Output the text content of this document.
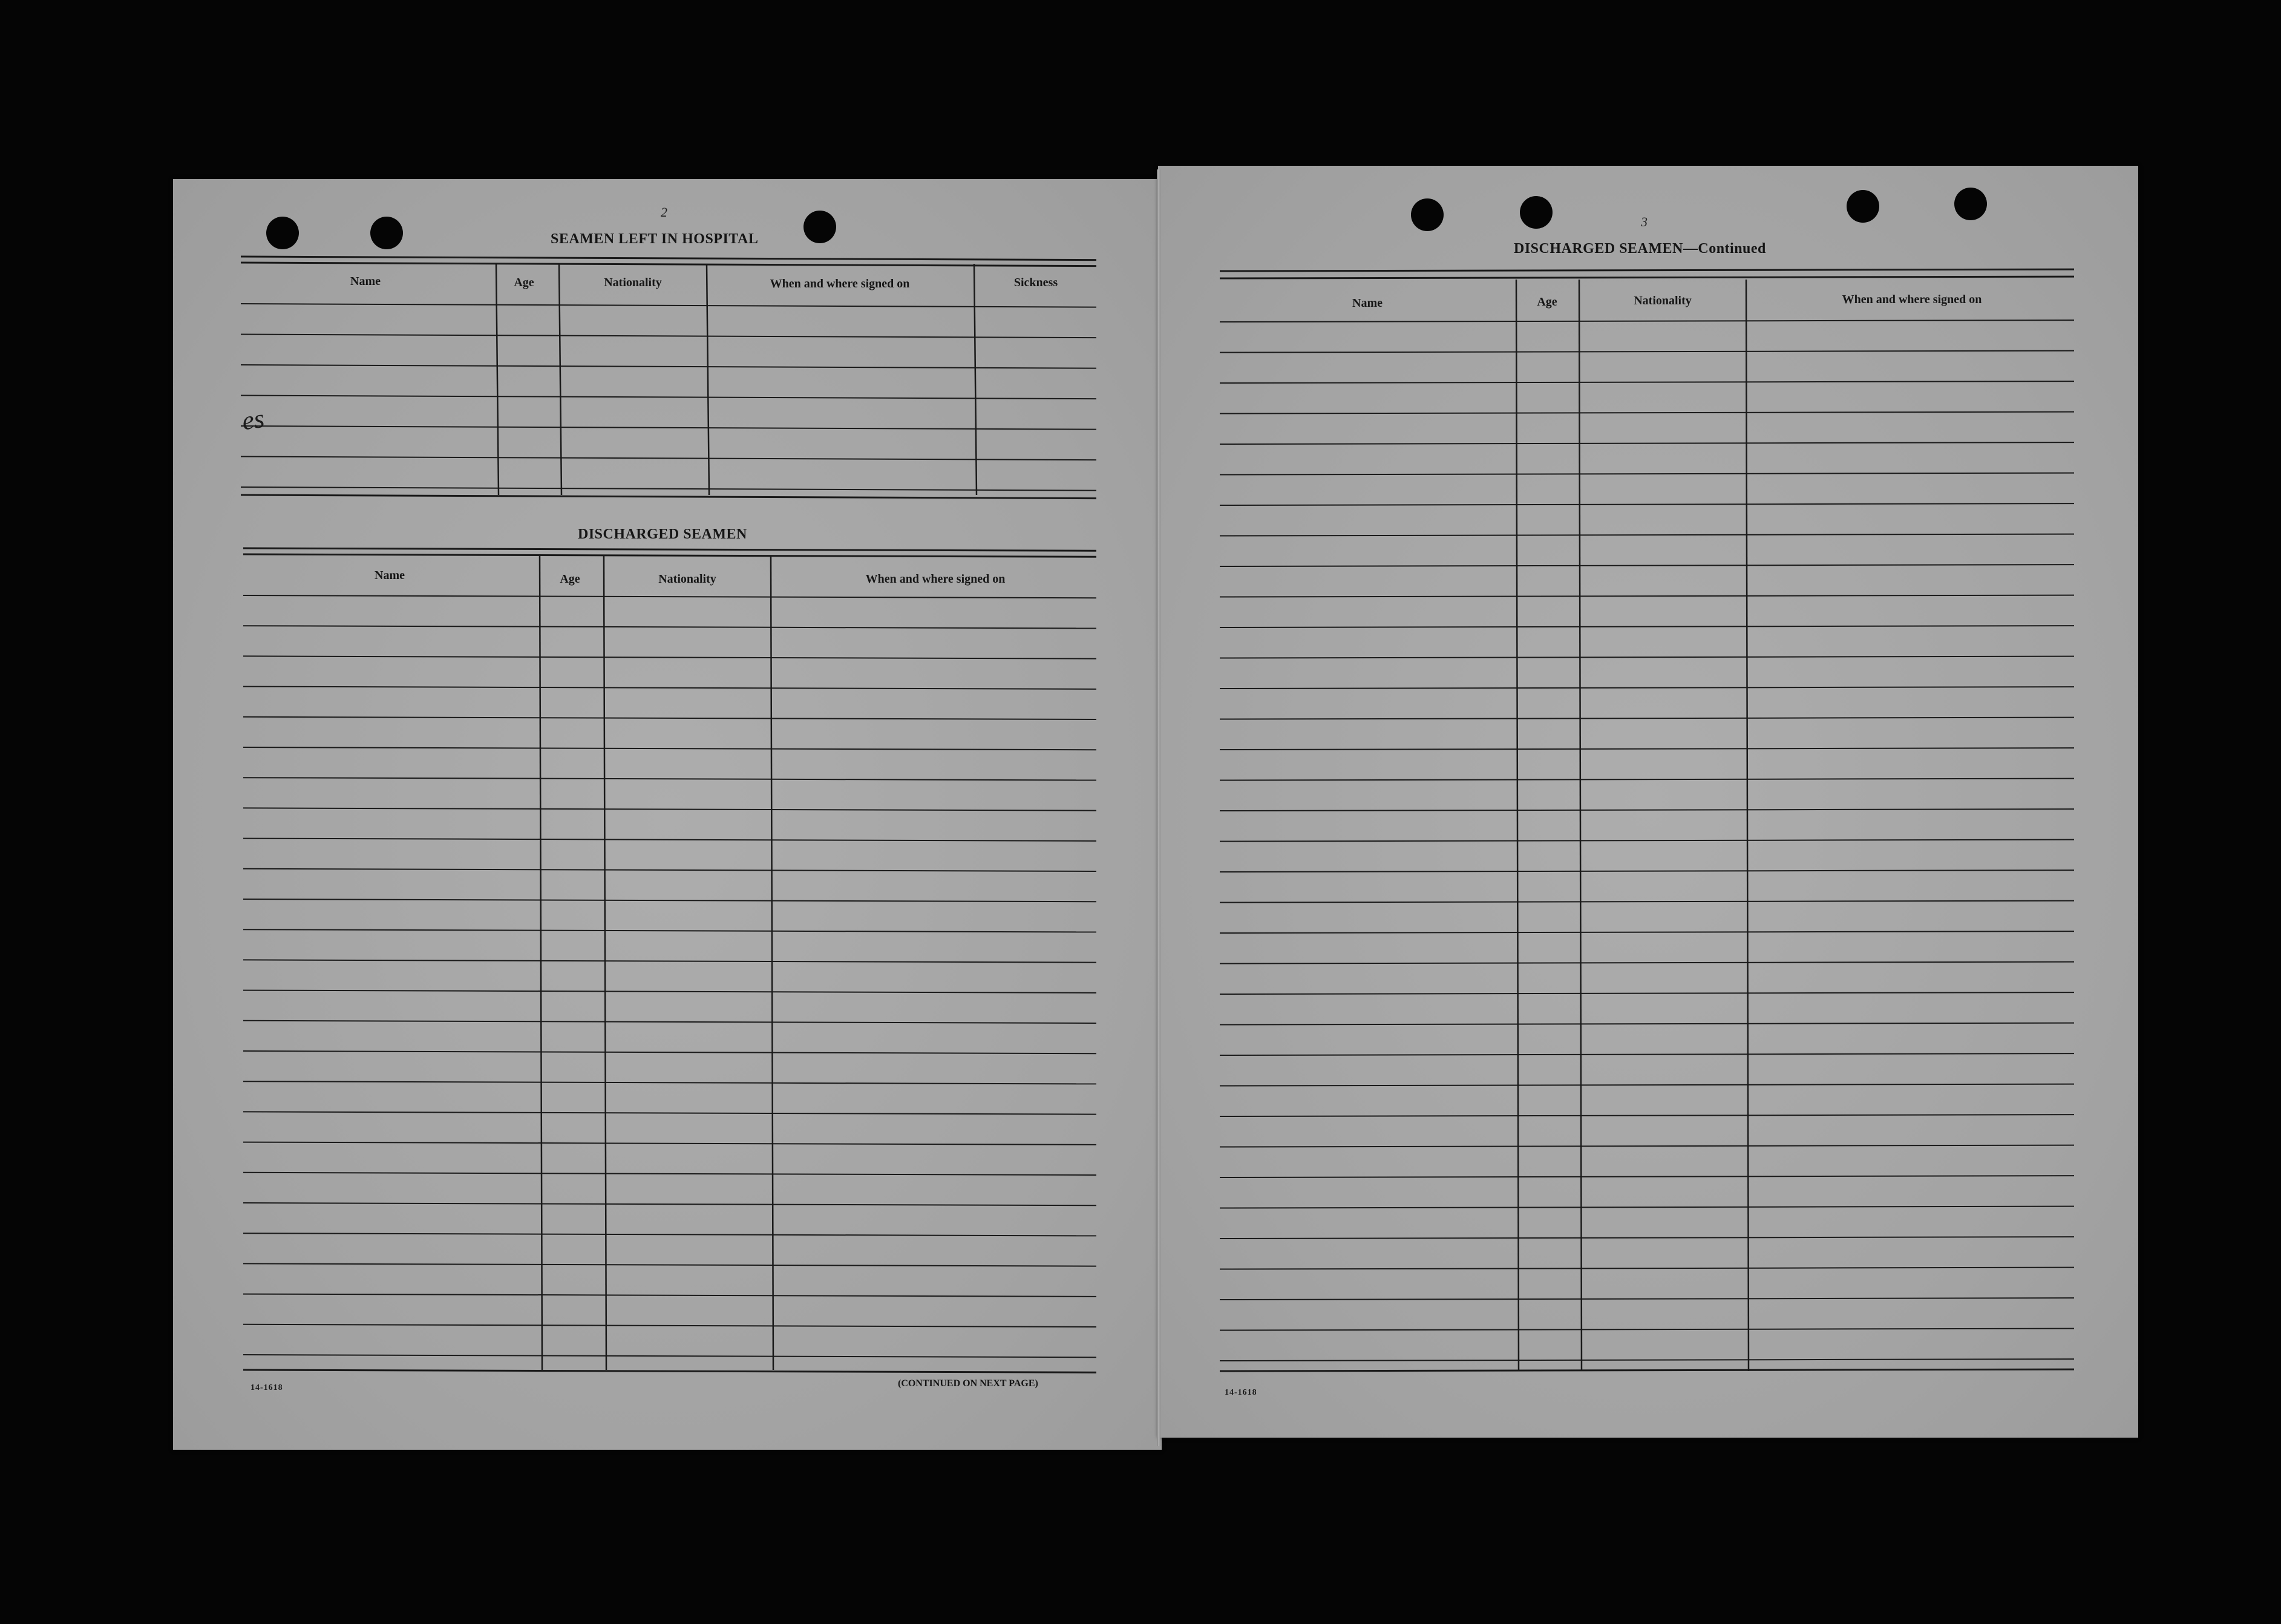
2
3
SEAMEN LEFT IN HOSPITAL
Name	Age	Nationality	When and where signed on	Sickness
es
DISCHARGED SEAMEN
Name	Age	Nationality	When and where signed on
14-1618	(CONTINUED ON NEXT PAGE)
DISCHARGED SEAMEN—Continued
Name	Age	Nationality	When and where signed on
14-1618
